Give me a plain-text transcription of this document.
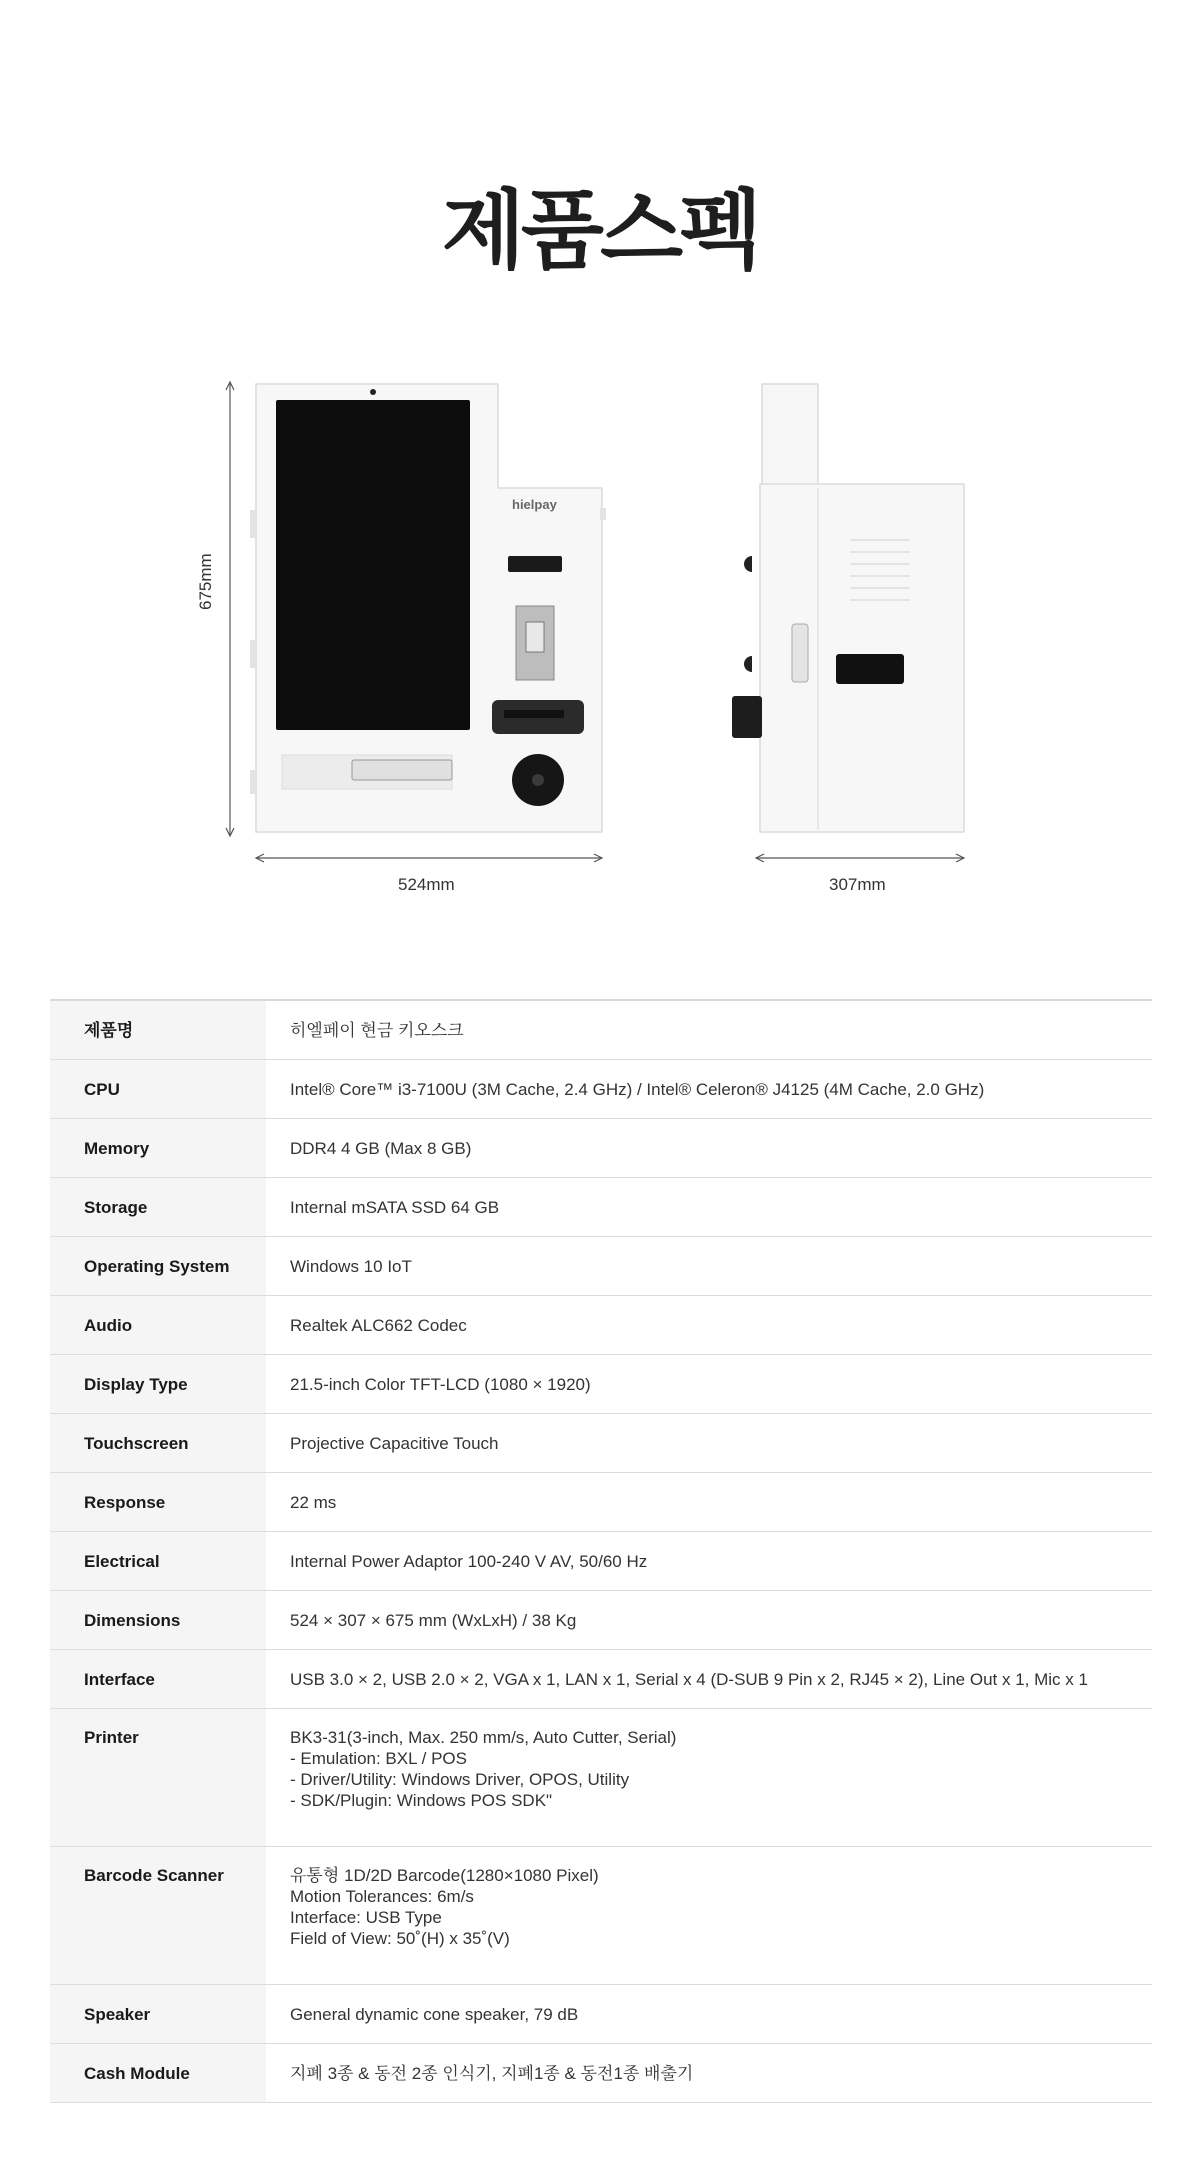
제품스펙
hielpay
675mm
524mm	307mm
제품명	히엘페이 현금 키오스크

CPU	Intel® Core™ i3-7100U (3M Cache, 2.4 GHz) / Intel® Celeron® J4125 (4M Cache, 2.0 GHz)

Memory	DDR4 4 GB (Max 8 GB)

Storage	Internal mSATA SSD 64 GB

Operating System	Windows 10 IoT

Audio	Realtek ALC662 Codec

Display Type	21.5-inch Color TFT-LCD (1080 × 1920)

Touchscreen	Projective Capacitive Touch

Response	22 ms

Electrical	Internal Power Adaptor 100-240 V AV, 50/60 Hz

Dimensions	524 × 307 × 675 mm (WxLxH) / 38 Kg

Interface	USB 3.0 × 2, USB 2.0 × 2, VGA x 1, LAN x 1, Serial x 4 (D-SUB 9 Pin x 2, RJ45 × 2), Line Out x 1, Mic x 1

Printer	BK3-31(3-inch, Max. 250 mm/s, Auto Cutter, Serial)
- Emulation: BXL / POS
- Driver/Utility: Windows Driver, OPOS, Utility
- SDK/Plugin: Windows POS SDK"

Barcode Scanner	유통형 1D/2D Barcode(1280×1080 Pixel)
Motion Tolerances: 6m/s
Interface: USB Type
Field of View: 50˚(H) x 35˚(V)

Speaker	General dynamic cone speaker, 79 dB

Cash Module	지폐 3종 & 동전 2종 인식기, 지폐1종 & 동전1종 배출기
